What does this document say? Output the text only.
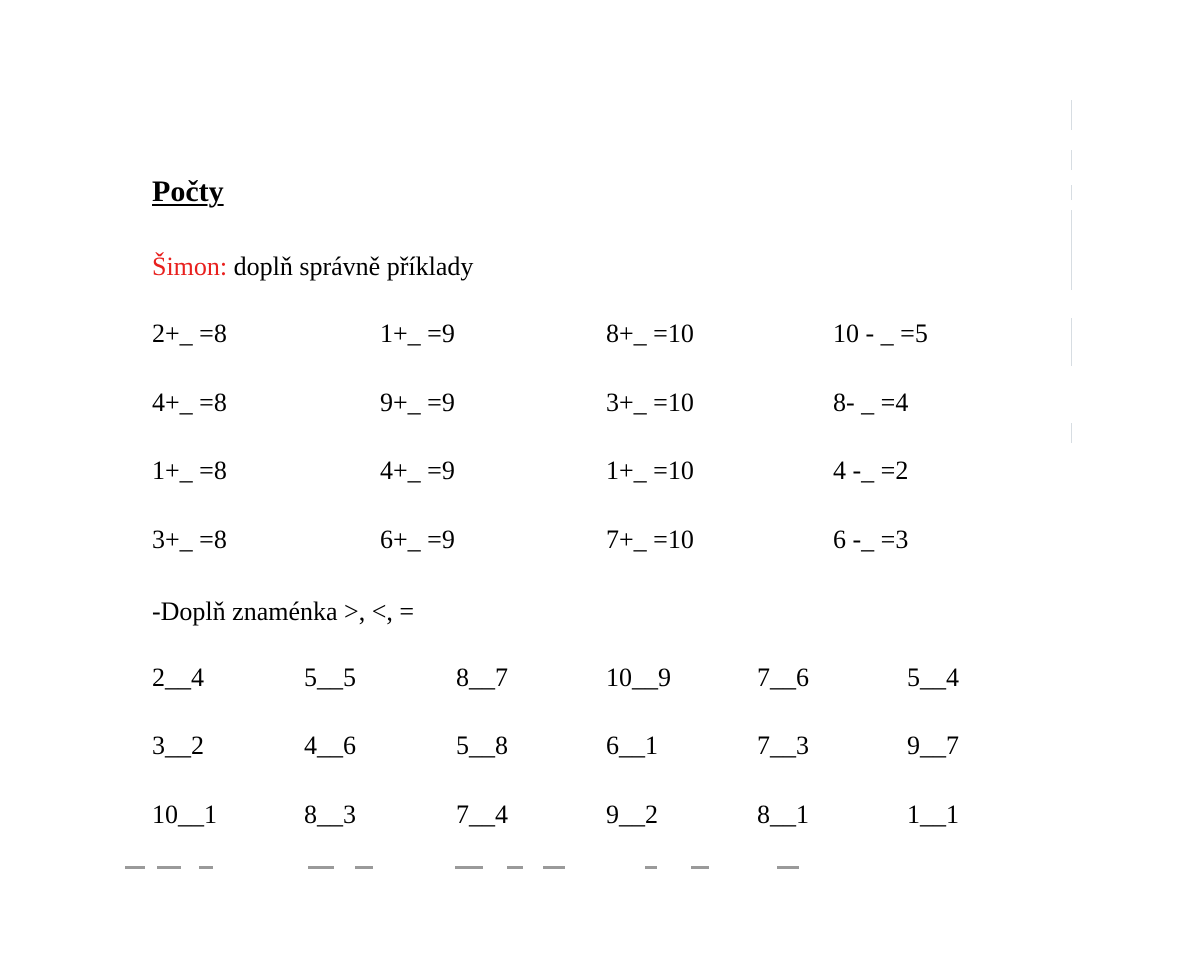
Počty
Šimon: doplň správně příklady
2+_ =8	1+_ =9	8+_ =10	10 - _ =5
4+_ =8	9+_ =9	3+_ =10	8- _ =4
1+_ =8	4+_ =9	1+_ =10	4 -_ =2
3+_ =8	6+_ =9	7+_ =10	6 -_ =3
-Doplň znaménka >, <, =
2__4	5__5	8__7	10__9	7__6	5__4
3__2	4__6	5__8	6__1	7__3	9__7
10__1	8__3	7__4	9__2	8__1	1__1
